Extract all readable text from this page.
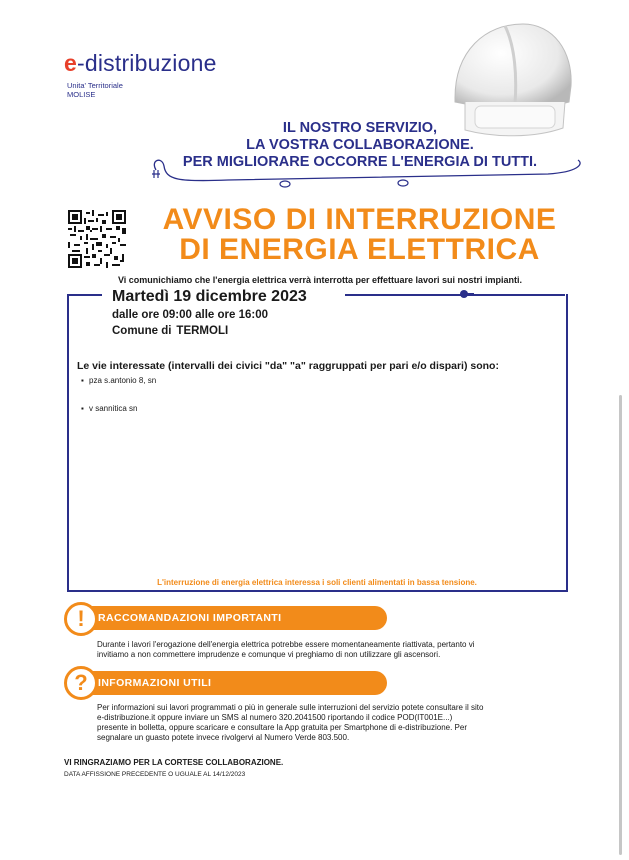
e-distribuzione
Unita' Territoriale
MOLISE
IL NOSTRO SERVIZIO,
LA VOSTRA COLLABORAZIONE.
PER MIGLIORARE OCCORRE L'ENERGIA DI TUTTI.
AVVISO DI INTERRUZIONE
DI ENERGIA ELETTRICA
Vi comunichiamo che l'energia elettrica verrà interrotta per effettuare lavori sui nostri impianti.
Martedì 19 dicembre 2023
dalle ore 09:00 alle ore 16:00
Comune di TERMOLI
Le vie interessate (intervalli dei civici "da" "a" raggruppati per pari e/o dispari) sono:
▪ pza s.antonio 8, sn
▪ v sannitica sn
L'interruzione di energia elettrica interessa i soli clienti alimentati in bassa tensione.
RACCOMANDAZIONI IMPORTANTI
!
Durante i lavori l'erogazione dell'energia elettrica potrebbe essere momentaneamente riattivata, pertanto vi
invitiamo a non commettere imprudenze e comunque vi preghiamo di non utilizzare gli ascensori.
INFORMAZIONI UTILI
?
Per informazioni sui lavori programmati o più in generale sulle interruzioni del servizio potete consultare il sito
e-distribuzione.it oppure inviare un SMS al numero 320.2041500 riportando il codice POD(IT001E...)
presente in bolletta, oppure scaricare e consultare la App gratuita per Smartphone di e-distribuzione. Per
segnalare un guasto potete invece rivolgervi al Numero Verde 803.500.
VI RINGRAZIAMO PER LA CORTESE COLLABORAZIONE.
DATA AFFISSIONE PRECEDENTE O UGUALE AL 14/12/2023
